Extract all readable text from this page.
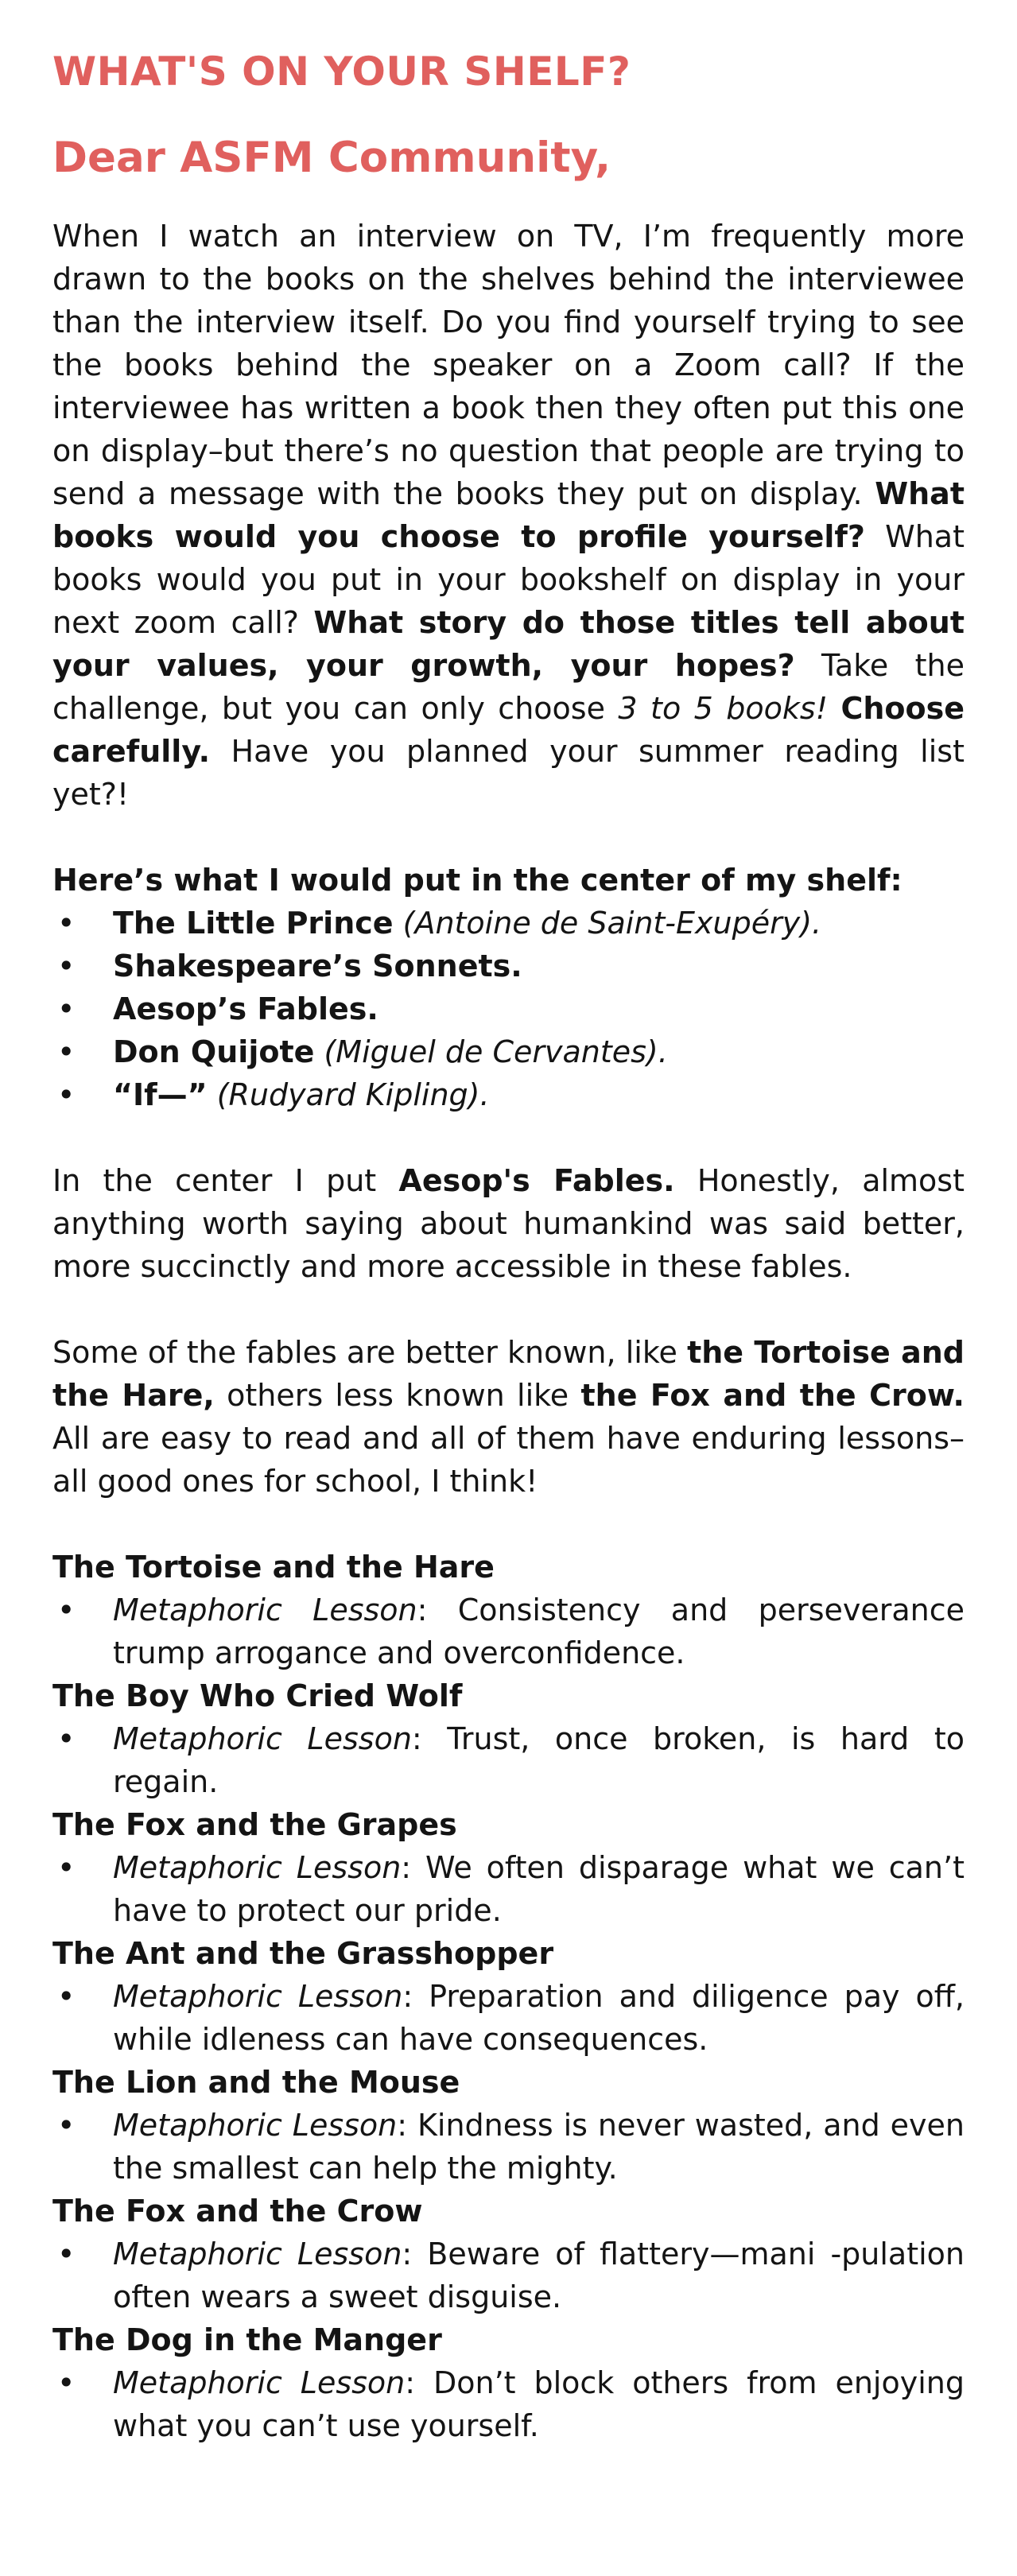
WHAT'S ON YOUR SHELF?
Dear ASFM Community,

When I watch an interview on TV, I’m frequently more drawn to the books on the shelves behind the interviewee than the interview itself. Do you find yourself trying to see the books behind the speaker on a Zoom call? If the interviewee has written a book then they often put this one on display–but there’s no question that people are trying to send a message with the books they put on display. What books would you choose to profile yourself? What books would you put in your bookshelf on display in your next zoom call? What story do those titles tell about your values, your growth, your hopes? Take the challenge, but you can only choose 3 to 5 books! Choose carefully. Have you planned your summer reading list yet?!

Here’s what I would put in the center of my shelf:

• The Little Prince (Antoine de Saint-Exupéry).
• Shakespeare’s Sonnets.
• Aesop’s Fables.
• Don Quijote (Miguel de Cervantes).
• “If—” (Rudyard Kipling).

In the center I put Aesop's Fables. Honestly, almost anything worth saying about humankind was said better, more succinctly and more accessible in these fables.

Some of the fables are better known, like the Tortoise and the Hare, others less known like the Fox and the Crow. All are easy to read and all of them have enduring lessons–all good ones for school, I think!

The Tortoise and the Hare

• Metaphoric Lesson: Consistency and perseverance trump arrogance and overconfidence.

The Boy Who Cried Wolf

• Metaphoric Lesson: Trust, once broken, is hard to regain.

The Fox and the Grapes

• Metaphoric Lesson: We often disparage what we can’t have to protect our pride.

The Ant and the Grasshopper

• Metaphoric Lesson: Preparation and diligence pay off, while idleness can have consequences.

The Lion and the Mouse

• Metaphoric Lesson: Kindness is never wasted, and even the smallest can help the mighty.

The Fox and the Crow

• Metaphoric Lesson: Beware of flattery—mani -pulation often wears a sweet disguise.

The Dog in the Manger

• Metaphoric Lesson: Don’t block others from enjoying what you can’t use yourself.
